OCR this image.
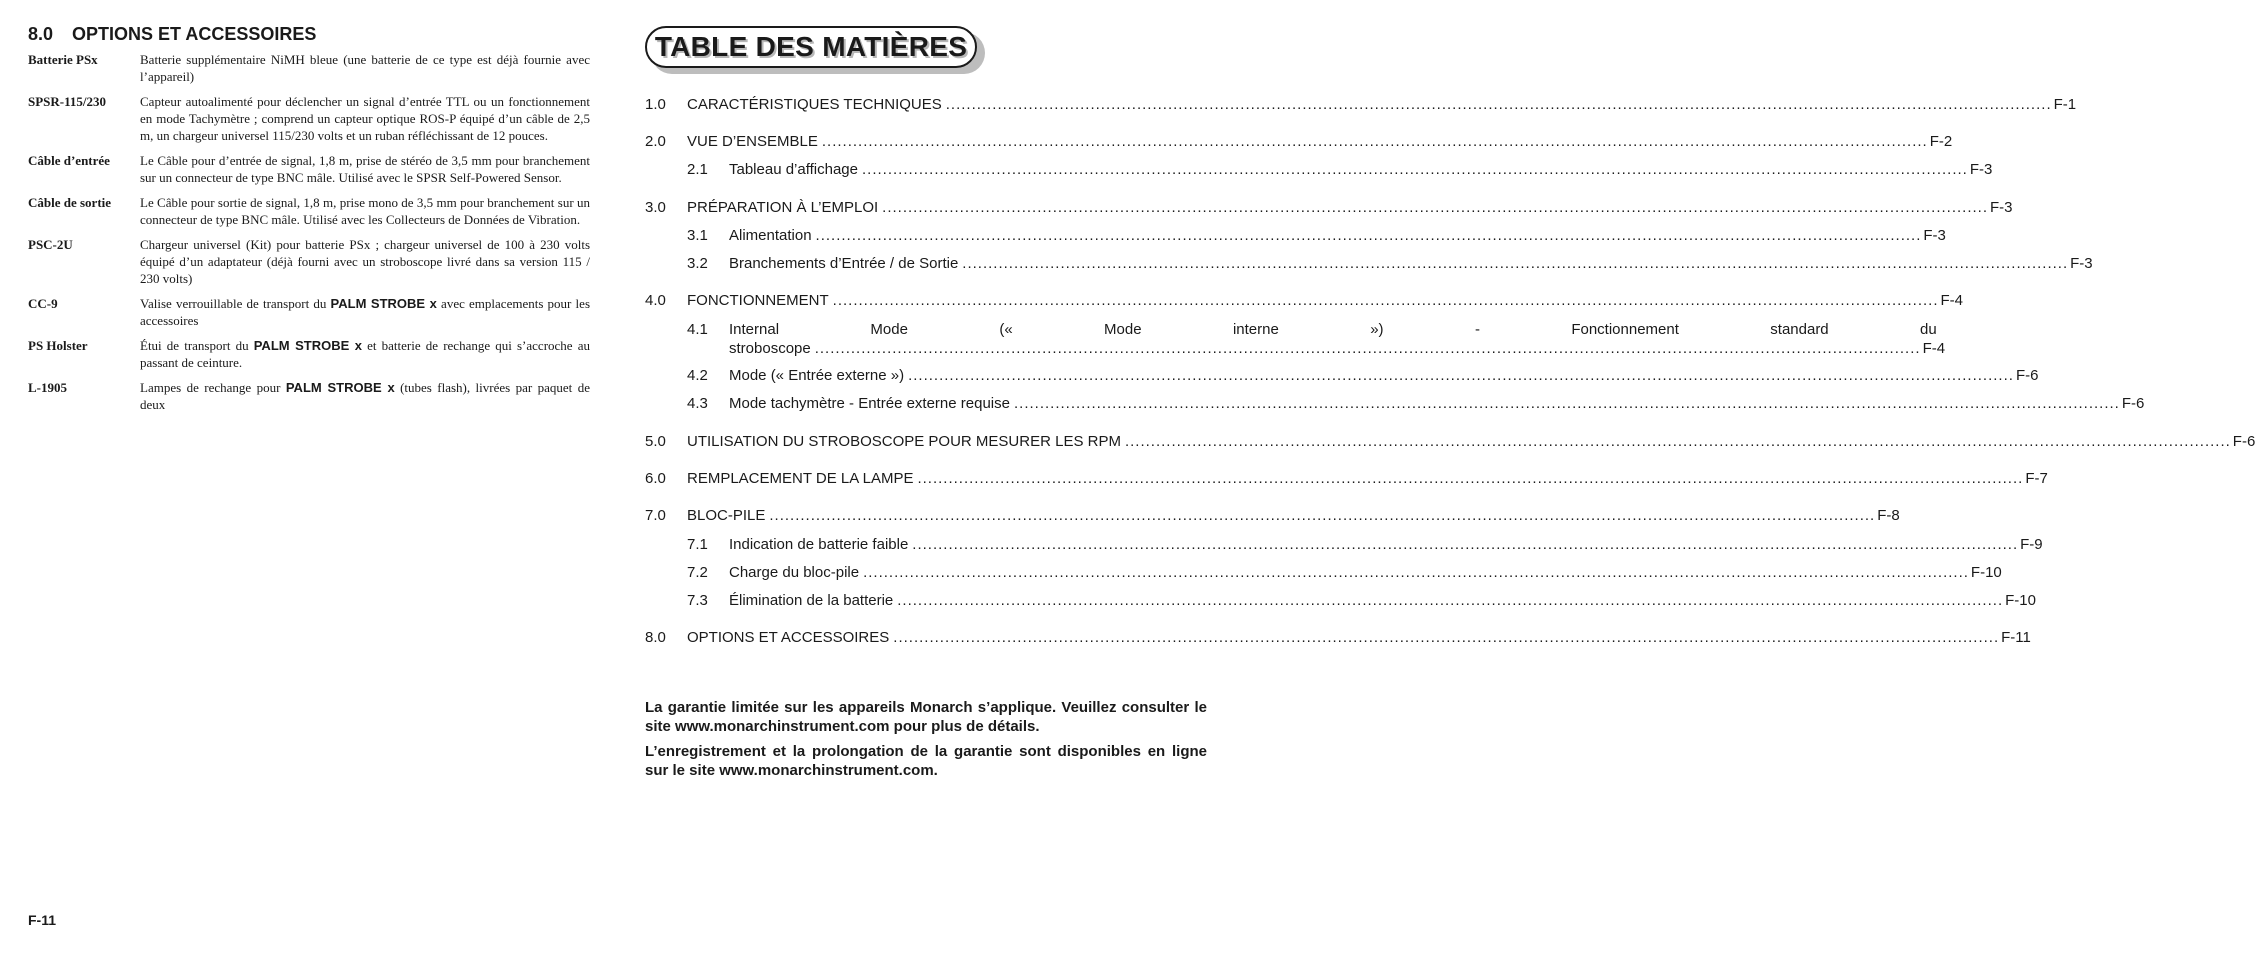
8.0	OPTIONS ET ACCESSOIRES
Batterie PSx	Batterie supplémentaire NiMH bleue (une batterie de ce type est déjà fournie avec l’appareil)
SPSR-115/230	Capteur autoalimenté pour déclencher un signal d’entrée TTL ou un fonctionnement en mode Tachymètre ; comprend un capteur optique ROS-P équipé d’un câble de 2,5 m, un chargeur universel 115/230 volts et un ruban réfléchissant de 12 pouces.
Câble d’entrée	Le Câble pour d’entrée de signal, 1,8 m, prise de stéréo de 3,5 mm pour branchement sur un connecteur de type BNC mâle. Utilisé avec le SPSR Self-Powered Sensor.
Câble de sortie	Le Câble pour sortie de signal, 1,8 m, prise mono de 3,5 mm pour branchement sur un connecteur de type BNC mâle. Utilisé avec les Collecteurs de Données de Vibration.
PSC-2U	Chargeur universel (Kit) pour batterie PSx ; chargeur universel de 100 à 230 volts équipé d’un adaptateur (déjà fourni avec un stroboscope livré dans sa version 115 / 230 volts)
CC-9	Valise verrouillable de transport du PALM STROBE x avec emplacements pour les accessoires
PS Holster	Étui de transport du PALM STROBE x et batterie de rechange qui s’accroche au passant de ceinture.
L-1905	Lampes de rechange pour PALM STROBE x (tubes flash), livrées par paquet de deux
F-11
TABLE DES MATIÈRES
1.0	CARACTÉRISTIQUES TECHNIQUES .....	F-1
2.0	VUE D’ENSEMBLE .....	F-2
2.1	Tableau d’affichage .....	F-3
3.0	PRÉPARATION À L’EMPLOI .....	F-3
3.1	Alimentation .....	F-3
3.2	Branchements d’Entrée / de Sortie .....	F-3
4.0	FONCTIONNEMENT .....	F-4
4.1	Internal Mode (« Mode interne ») - Fonctionnement standard du
stroboscope .....	F-4
4.2	Mode (« Entrée externe ») .....	F-6
4.3	Mode tachymètre - Entrée externe requise .....	F-6
5.0	UTILISATION DU STROBOSCOPE POUR MESURER LES RPM .....	F-6
6.0	REMPLACEMENT DE LA LAMPE .....	F-7
7.0	BLOC-PILE .....	F-8
7.1	Indication de batterie faible .....	F-9
7.2	Charge du bloc-pile .....	F-10
7.3	Élimination de la batterie .....	F-10
8.0	OPTIONS ET ACCESSOIRES .....	F-11
La garantie limitée sur les appareils Monarch s’applique. Veuillez consulter le site www.monarchinstrument.com pour plus de détails.
L’enregistrement et la prolongation de la garantie sont disponibles en ligne sur le site www.monarchinstrument.com.
